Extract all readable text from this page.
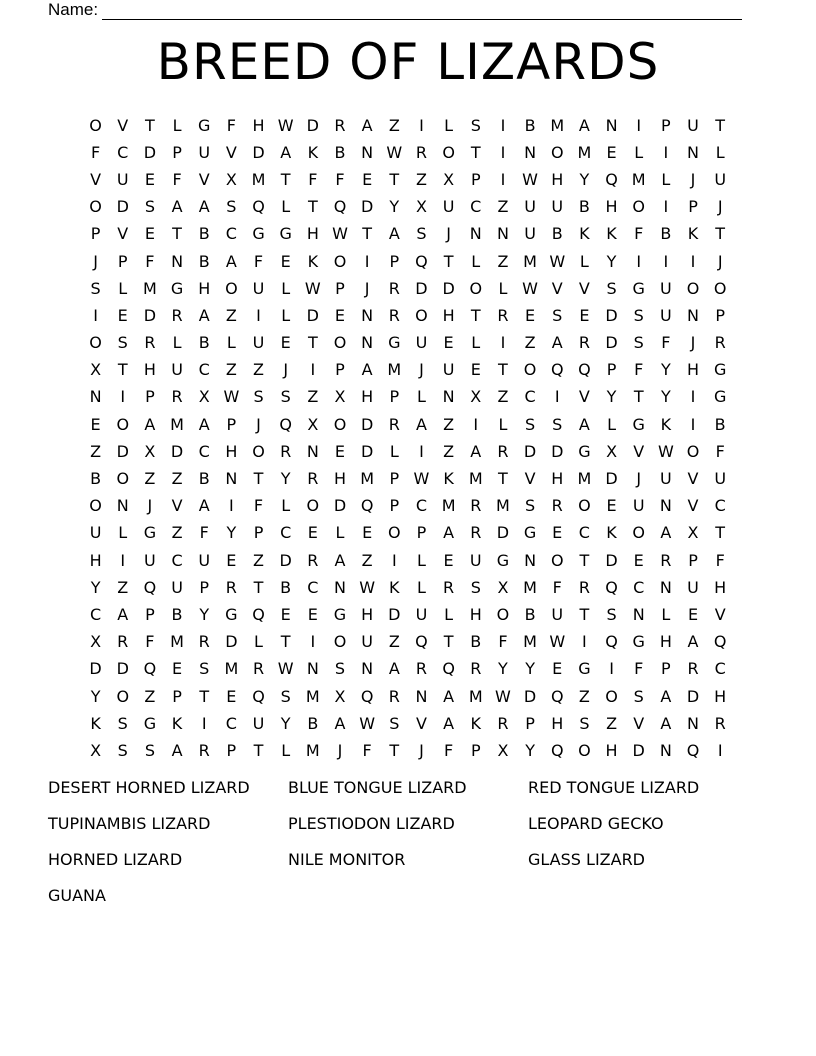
Name:
BREED OF LIZARDS
O V	T	L	G	F	H W D R	A	Z	I	L	S	I	B M A N	I	P	U	T
F	C D	P	U V D A	K	B N W R O T	I	N O M E	L	I	N	L
V U	E	F	V	X M T	F	F	E	T	Z	X	P	I	W H	Y Q M L	J	U
O D S	A	A	S Q	L	T Q D	Y	X U C	Z U U B H O	I	P	J
P	V	E	T	B	C G G H W T	A	S	J	N N U B	K	K	F	B	K	T
J	P	F	N B	A	F	E	K O	I	P	Q T	L	Z M W L	Y	I	I	I	J
S	L M G H O U	L W P	J	R D D O	L W V	V	S G U O O
I	E D R	A	Z	I	L	D E	N R O H	T	R	E	S	E D S	U N	P
O S	R	L	B	L	U	E	T O N G U	E	L	I	Z	A	R D S	F	J	R
X	T	H U C	Z	Z	J	I	P	A M	J	U	E	T O Q Q	P	F	Y	H G
N	I	P	R	X W S	S	Z	X H	P	L	N X	Z	C	I	V	Y	T	Y	I	G
E O A M A	P	J	Q X O D R	A	Z	I	L	S	S	A	L	G K	I	B
Z D X D C H O R N	E D	L	I	Z	A	R D D G X	V W O	F
B O Z	Z	B N	T	Y	R H M P W K M T	V H M D	J	U V U
O N	J	V	A	I	F	L	O D Q	P	C M R M S	R O E	U N V	C
U	L	G Z	F	Y	P	C	E	L	E O	P	A	R D G E	C	K O A	X	T
H	I	U C U	E	Z D R	A	Z	I	L	E	U G N O T	D E	R	P	F
Y	Z Q U	P	R	T	B	C N W K	L	R	S	X M F	R Q C N U H
C	A	P	B	Y	G Q E	E G H D U	L	H O B U	T	S	N	L	E	V
X	R	F M R D	L	T	I	O U Z Q T	B	F M W	I	Q G H A Q
D D Q E	S M R W N	S	N A	R Q R	Y	Y	E G	I	F	P	R	C
Y O Z	P	T	E Q S M X Q R N A M W D Q Z O S	A D H
K	S G K	I	C U	Y	B	A W S	V	A	K	R	P	H	S	Z	V	A N R
X	S	S	A	R	P	T	L M	J	F	T	J	F	P	X	Y Q O H D N Q	I
DESERT HORNED LIZARD	BLUE TONGUE LIZARD	RED TONGUE LIZARD
TUPINAMBIS LIZARD	PLESTIODON LIZARD	LEOPARD GECKO
HORNED LIZARD	NILE MONITOR	GLASS LIZARD
GUANA
